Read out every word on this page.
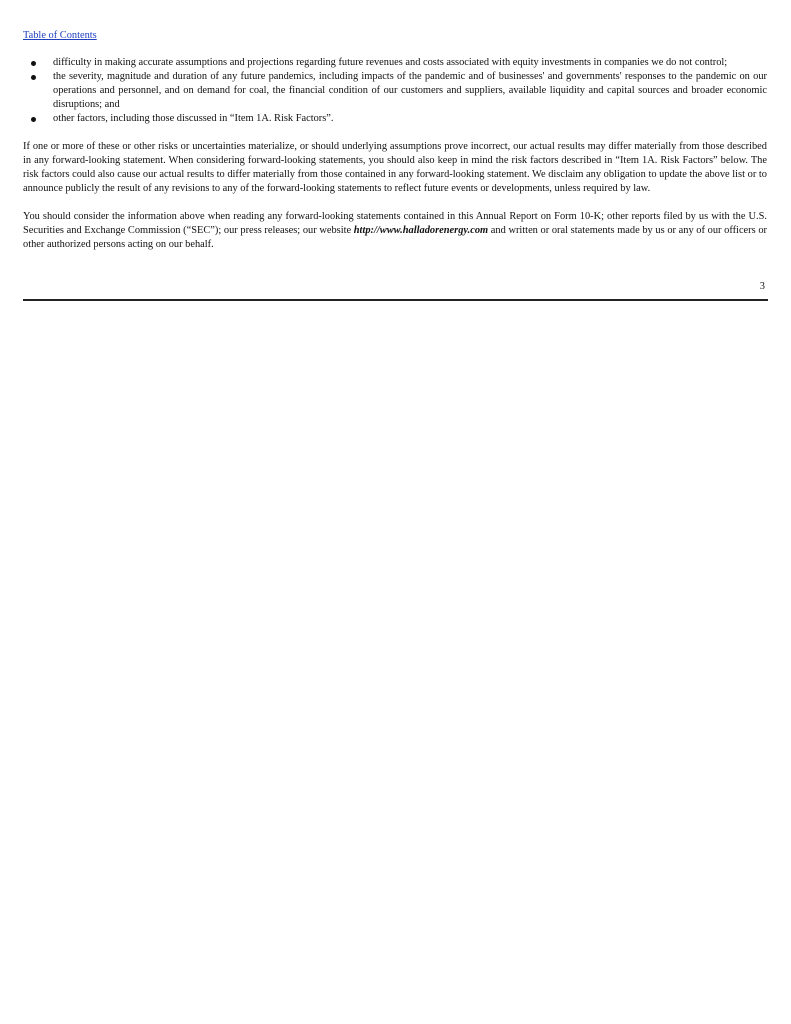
Table of Contents
difficulty in making accurate assumptions and projections regarding future revenues and costs associated with equity investments in companies we do not control;
the severity, magnitude and duration of any future pandemics, including impacts of the pandemic and of businesses' and governments' responses to the pandemic on our operations and personnel, and on demand for coal, the financial condition of our customers and suppliers, available liquidity and capital sources and broader economic disruptions; and
other factors, including those discussed in “Item 1A. Risk Factors”.

If one or more of these or other risks or uncertainties materialize, or should underlying assumptions prove incorrect, our actual results may differ materially from those described in any forward-looking statement. When considering forward-looking statements, you should also keep in mind the risk factors described in “Item 1A. Risk Factors” below. The risk factors could also cause our actual results to differ materially from those contained in any forward-looking statement. We disclaim any obligation to update the above list or to announce publicly the result of any revisions to any of the forward-looking statements to reflect future events or developments, unless required by law.

You should consider the information above when reading any forward-looking statements contained in this Annual Report on Form 10-K; other reports filed by us with the U.S. Securities and Exchange Commission (“SEC”); our press releases; our website http://www.halladorenergy.com and written or oral statements made by us or any of our officers or other authorized persons acting on our behalf.

3
